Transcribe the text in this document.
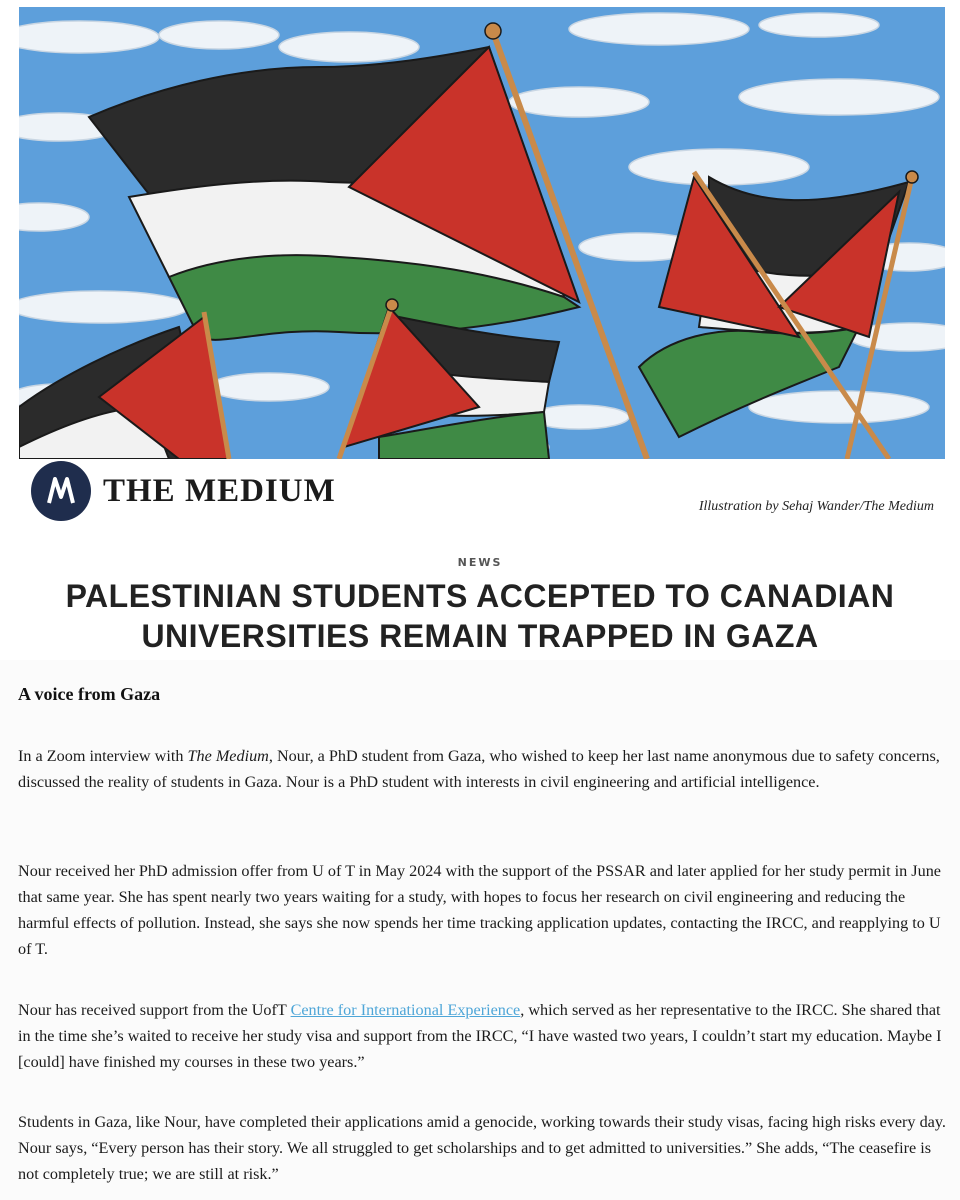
THE MEDIUM	Illustration by Sehaj Wander/The Medium
NEWS
PALESTINIAN STUDENTS ACCEPTED TO CANADIAN UNIVERSITIES REMAIN TRAPPED IN GAZA
A voice from Gaza

In a Zoom interview with The Medium, Nour, a PhD student from Gaza, who wished to keep her last name anonymous due to safety concerns, discussed the reality of students in Gaza. Nour is a PhD student with interests in civil engineering and artificial intelligence.

Nour received her PhD admission offer from U of T in May 2024 with the support of the PSSAR and later applied for her study permit in June that same year. She has spent nearly two years waiting for a study, with hopes to focus her research on civil engineering and reducing the harmful effects of pollution. Instead, she says she now spends her time tracking application updates, contacting the IRCC, and reapplying to U of T.

Nour has received support from the UofT Centre for International Experience, which served as her representative to the IRCC. She shared that in the time she’s waited to receive her study visa and support from the IRCC, “I have wasted two years, I couldn’t start my education. Maybe I [could] have finished my courses in these two years.”

Students in Gaza, like Nour, have completed their applications amid a genocide, working towards their study visas, facing high risks every day. Nour says, “Every person has their story. We all struggled to get scholarships and to get admitted to universities.” She adds, “The ceasefire is not completely true; we are still at risk.”
